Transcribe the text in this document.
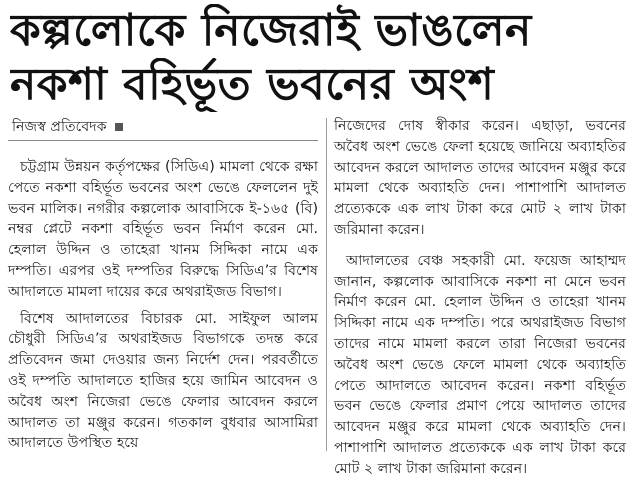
কল্পলোকে নিজেরাই ভাঙলেন
নকশা বহির্ভূত ভবনের অংশ
নিজস্ব প্রতিবেদক

চট্টগ্রাম উন্নয়ন কর্তৃপক্ষের (সিডিএ) মামলা থেকে রক্ষা পেতে নকশা বহির্ভূত ভবনের অংশ ভেঙে ফেললেন দুই ভবন মালিক। নগরীর কল্পলোক আবাসিকে ই-১৬৫ (বি) নম্বর প্লেটে নকশা বহির্ভূত ভবন নির্মাণ করেন মো. হেলাল উদ্দিন ও তাহেরা খানম সিদ্দিকা নামে এক দম্পতি। এরপর ওই দম্পতির বিরুদ্ধে সিডিএ’র বিশেষ আদালতে মামলা দায়ের করে অথরাইজড বিভাগ।

বিশেষ আদালতের বিচারক মো. সাইফুল আলম চৌধুরী সিডিএ’র অথরাইজড বিভাগকে তদন্ত করে প্রতিবেদন জমা দেওয়ার জন্য নির্দেশ দেন। পরবর্তীতে ওই দম্পতি আদালতে হাজির হয়ে জামিন আবেদন ও অবৈধ অংশ নিজেরা ভেঙে ফেলার আবেদন করলে আদালত তা মঞ্জুর করেন। গতকাল বুধবার আসামিরা আদালতে উপস্থিত হয়ে

নিজেদের দোষ স্বীকার করেন। এছাড়া, ভবনের অবৈধ অংশ ভেঙে ফেলা হয়েছে জানিয়ে অব্যাহতির আবেদন করলে আদালত তাদের আবেদন মঞ্জুর করে মামলা থেকে অব্যাহতি দেন। পাশাপাশি আদালত প্রত্যেককে এক লাখ টাকা করে মোট ২ লাখ টাকা জরিমানা করেন।

আদালতের বেঞ্চ সহকারী মো. ফয়েজ আহাম্মদ জানান, কল্পলোক আবাসিকে নকশা না মেনে ভবন নির্মাণ করেন মো. হেলাল উদ্দিন ও তাহেরা খানম সিদ্দিকা নামে এক দম্পতি। পরে অথরাইজড বিভাগ তাদের নামে মামলা করলে তারা নিজেরা ভবনের অবৈধ অংশ ভেঙে ফেলে মামলা থেকে অব্যাহতি পেতে আদালতে আবেদন করেন। নকশা বহির্ভূত ভবন ভেঙে ফেলার প্রমাণ পেয়ে আদালত তাদের আবেদন মঞ্জুর করে মামলা থেকে অব্যাহতি দেন। পাশাপাশি আদালত প্রত্যেককে এক লাখ টাকা করে মোট ২ লাখ টাকা জরিমানা করেন।
